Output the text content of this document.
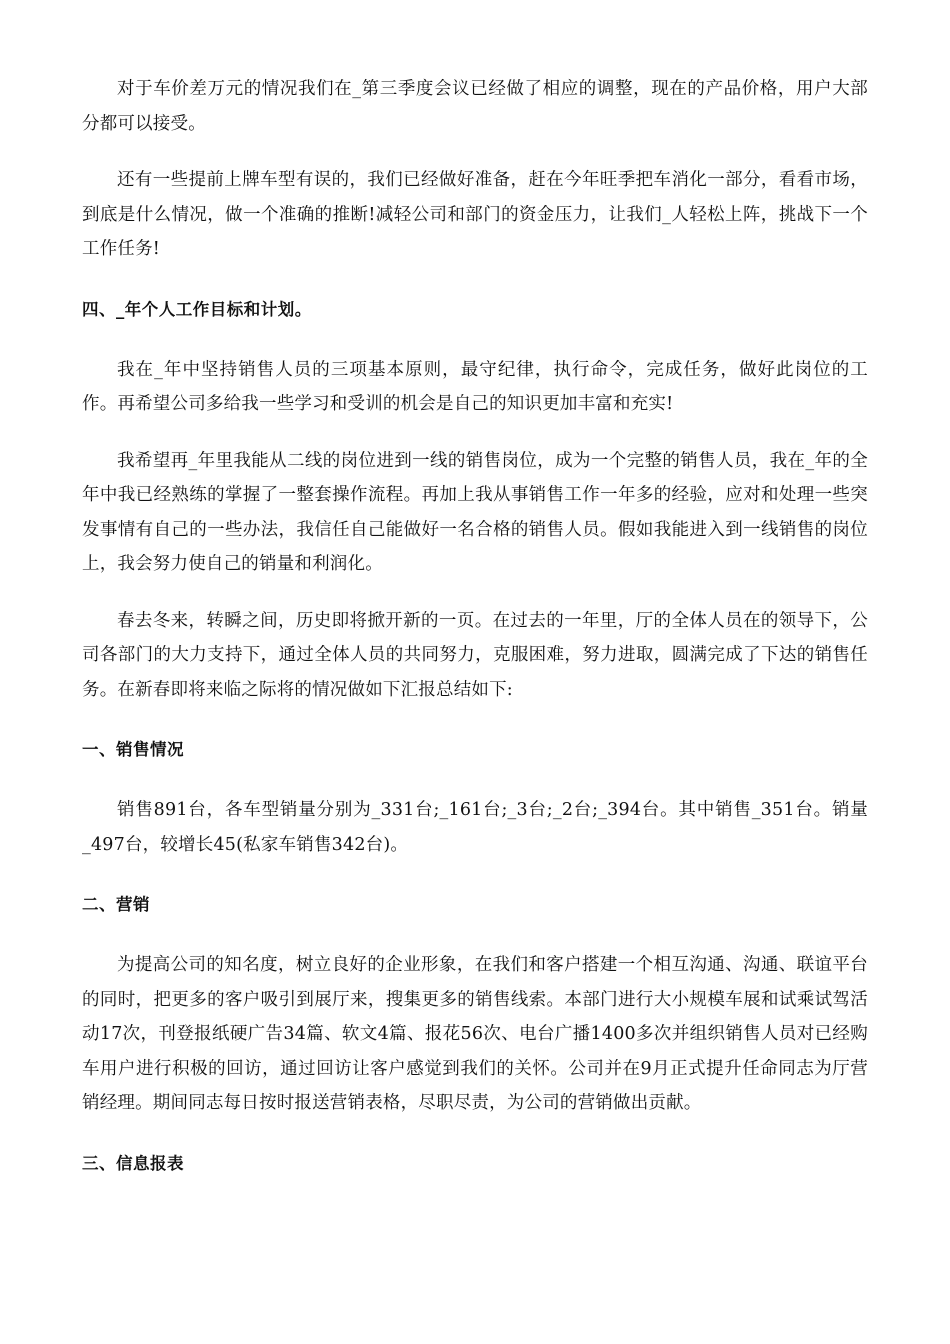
对于车价差万元的情况我们在_第三季度会议已经做了相应的调整，现在的产品价格，用户大部分都可以接受。

还有一些提前上牌车型有误的，我们已经做好准备，赶在今年旺季把车消化一部分，看看市场，到底是什么情况，做一个准确的推断!减轻公司和部门的资金压力，让我们_人轻松上阵，挑战下一个工作任务!

四、_年个人工作目标和计划。

我在_年中坚持销售人员的三项基本原则，最守纪律，执行命令，完成任务，做好此岗位的工作。再希望公司多给我一些学习和受训的机会是自己的知识更加丰富和充实!

我希望再_年里我能从二线的岗位进到一线的销售岗位，成为一个完整的销售人员，我在_年的全年中我已经熟练的掌握了一整套操作流程。再加上我从事销售工作一年多的经验，应对和处理一些突发事情有自己的一些办法，我信任自己能做好一名合格的销售人员。假如我能进入到一线销售的岗位上，我会努力使自己的销量和利润化。

春去冬来，转瞬之间，历史即将掀开新的一页。在过去的一年里，厅的全体人员在的领导下，公司各部门的大力支持下，通过全体人员的共同努力，克服困难，努力进取，圆满完成了下达的销售任务。在新春即将来临之际将的情况做如下汇报总结如下:

一、销售情况

销售891台，各车型销量分别为_331台;_161台;_3台;_2台;_394台。其中销售_351台。销量_497台，较增长45(私家车销售342台)。

二、营销

为提高公司的知名度，树立良好的企业形象，在我们和客户搭建一个相互沟通、沟通、联谊平台的同时，把更多的客户吸引到展厅来，搜集更多的销售线索。本部门进行大小规模车展和试乘试驾活动17次，刊登报纸硬广告34篇、软文4篇、报花56次、电台广播1400多次并组织销售人员对已经购车用户进行积极的回访，通过回访让客户感觉到我们的关怀。公司并在9月正式提升任命同志为厅营销经理。期间同志每日按时报送营销表格，尽职尽责，为公司的营销做出贡献。

三、信息报表
